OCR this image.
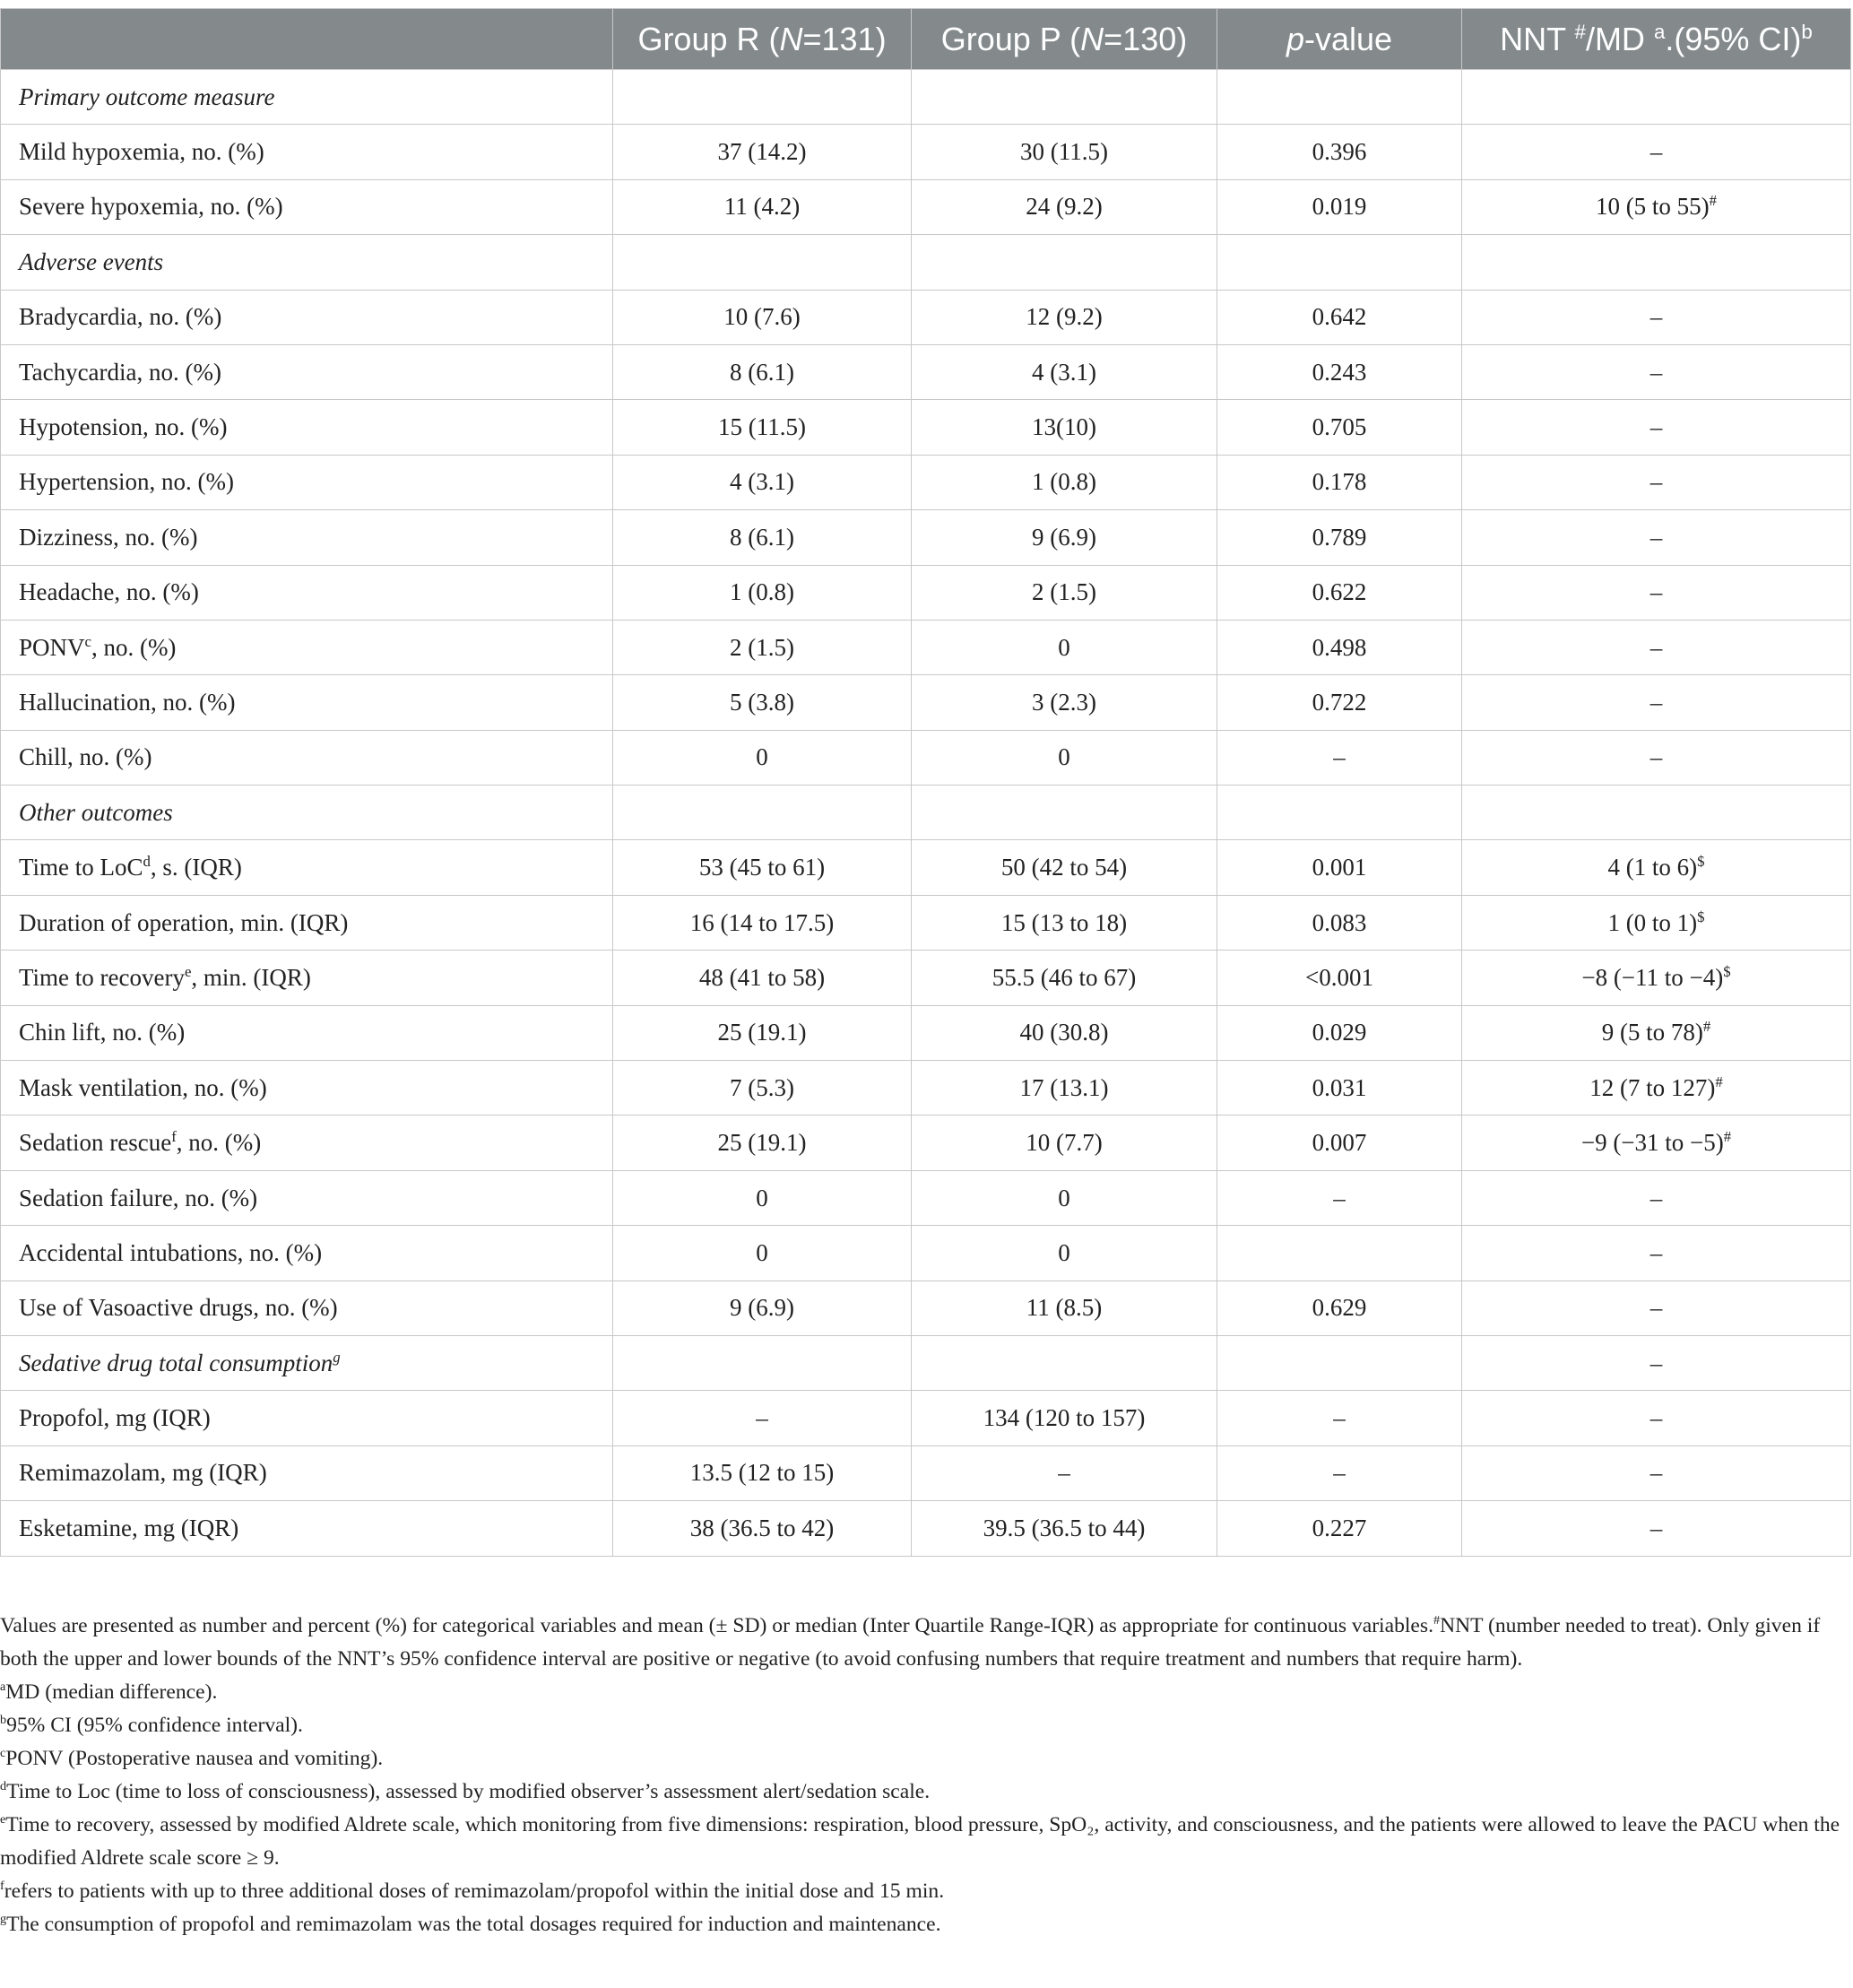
	Group R (N=131)	Group P (N=130)	p-value	NNT #/MD $^a$.(95% CI)$^b$
Primary outcome measure				
Mild hypoxemia, no. (%)	37 (14.2)	30 (11.5)	0.396	–
Severe hypoxemia, no. (%)	11 (4.2)	24 (9.2)	0.019	10 (5 to 55)#
Adverse events				
Bradycardia, no. (%)	10 (7.6)	12 (9.2)	0.642	–
Tachycardia, no. (%)	8 (6.1)	4 (3.1)	0.243	–
Hypotension, no. (%)	15 (11.5)	13(10)	0.705	–
Hypertension, no. (%)	4 (3.1)	1 (0.8)	0.178	–
Dizziness, no. (%)	8 (6.1)	9 (6.9)	0.789	–
Headache, no. (%)	1 (0.8)	2 (1.5)	0.622	–
PONV$^c$, no. (%)	2 (1.5)	0	0.498	–
Hallucination, no. (%)	5 (3.8)	3 (2.3)	0.722	–
Chill, no. (%)	0	0	–	–
Other outcomes				
Time to LoC$^d$, s. (IQR)	53 (45 to 61)	50 (42 to 54)	0.001	4 (1 to 6)$
Duration of operation, min. (IQR)	16 (14 to 17.5)	15 (13 to 18)	0.083	1 (0 to 1)$
Time to recovery$^e$, min. (IQR)	48 (41 to 58)	55.5 (46 to 67)	<0.001	−8 (−11 to −4)$
Chin lift, no. (%)	25 (19.1)	40 (30.8)	0.029	9 (5 to 78)#
Mask ventilation, no. (%)	7 (5.3)	17 (13.1)	0.031	12 (7 to 127)#
Sedation rescue$^f$, no. (%)	25 (19.1)	10 (7.7)	0.007	−9 (−31 to −5)#
Sedation failure, no. (%)	0	0	–	–
Accidental intubations, no. (%)	0	0		–
Use of Vasoactive drugs, no. (%)	9 (6.9)	11 (8.5)	0.629	–
Sedative drug total consumption$^g$				–
Propofol, mg (IQR)	–	134 (120 to 157)	–	–
Remimazolam, mg (IQR)	13.5 (12 to 15)	–	–	–
Esketamine, mg (IQR)	38 (36.5 to 42)	39.5 (36.5 to 44)	0.227	–

Values are presented as number and percent (%) for categorical variables and mean (± SD) or median (Inter Quartile Range-IQR) as appropriate for continuous variables.#NNT (number needed to treat). Only given if both the upper and lower bounds of the NNT’s 95% confidence interval are positive or negative (to avoid confusing numbers that require treatment and numbers that require harm).

$^a$MD (median difference).

$^b$95% CI (95% confidence interval).

$^c$PONV (Postoperative nausea and vomiting).

$^d$Time to Loc (time to loss of consciousness), assessed by modified observer’s assessment alert/sedation scale.

$^e$Time to recovery, assessed by modified Aldrete scale, which monitoring from five dimensions: respiration, blood pressure, SpO₂, activity, and consciousness, and the patients were allowed to leave the PACU when the modified Aldrete scale score ≥ 9.

$^f$refers to patients with up to three additional doses of remimazolam/propofol within the initial dose and 15 min.

$^g$The consumption of propofol and remimazolam was the total dosages required for induction and maintenance.
